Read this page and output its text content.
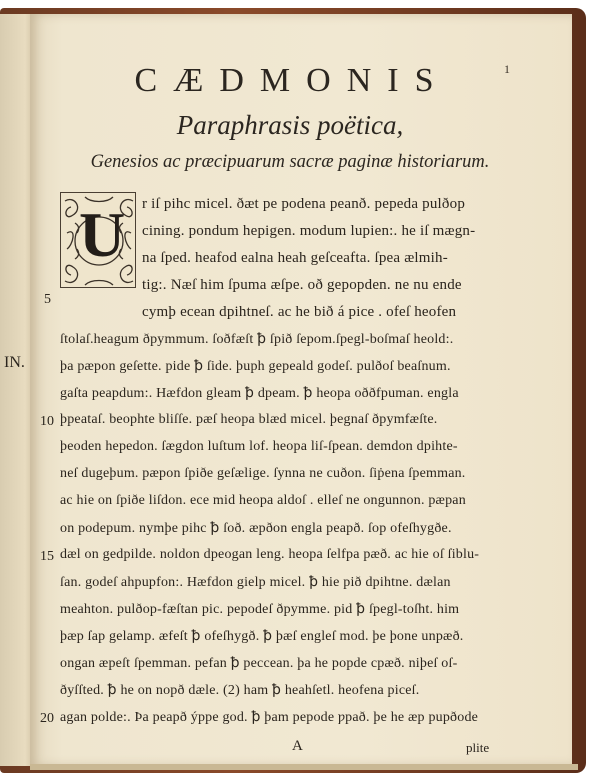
IN.
1
CÆDMONIS
Paraphrasis poëtica,
Genesios ac præcipuarum sacræ paginæ historiarum.
U r iſ pihc micel. ðæt pe podena peanð. pepeda pulðop
cining. pondum hepigen. modum lupien:. he iſ mægn-
na ſped. heafod ealna heah geſceafta. ſpea ælmih-
tig:. Næſ him ſpuma æſpe. oð gepopden. ne nu ende
cymþ ecean dpihtneſ. ac he bið á pice . ofeſ heofen
ſtolaſ.heagum ðpymmum. ſoðfæſt ꝥ ſpið ſepom.ſpegl-boſmaſ heold:.
þa pæpon geſette. pide ꝥ ſide. þuph gepeald godeſ. pulðoſ beaſnum.
gaſta peapdum:. Hæfdon gleam ꝥ dpeam. ꝥ heopa oððfpuman. engla
þpeataſ. beophte bliſſe. pæſ heopa blæd micel. þegnaſ ðpymfæſte.
þeoden hepedon. ſægdon luſtum lof. heopa liſ-ſpean. demdon dpihte-
neſ dugeþum. pæpon ſpiðe geſælige. ſynna ne cuðon. ſiṗena ſpemman.
ac hie on ſpiðe liſdon. ece mid heopa aldoſ . elleſ ne ongunnon. pæpan
on podepum. nymþe pihc ꝥ ſoð. æpðon engla peapð. ſop ofeſhygðe.
dæl on gedpilde. noldon dpeogan leng. heopa ſelfpa pæð. ac hie oſ ſiblu-
ſan. godeſ ahpupfon:. Hæfdon gielp micel. ꝥ hie pið dpihtne. dælan
meahton. pulðop-fæſtan pic. pepodeſ ðpymme. pid ꝥ ſpegl-toſht. him
þæp ſap gelamp. æfeſt ꝥ ofeſhygð. ꝥ þæſ engleſ mod. þe þone unpæð.
ongan æpeſt ſpemman. pefan ꝥ peccean. þa he popde cpæð. niþeſ oſ-
ðyſſted. ꝥ he on nopð dæle. (2) ham ꝥ heahſetl. heofena piceſ.
agan polde:. Þa peapð ýppe god. ꝥ þam pepode ƿpað. þe he æp pupðode
5
10
15
20
A	plite
